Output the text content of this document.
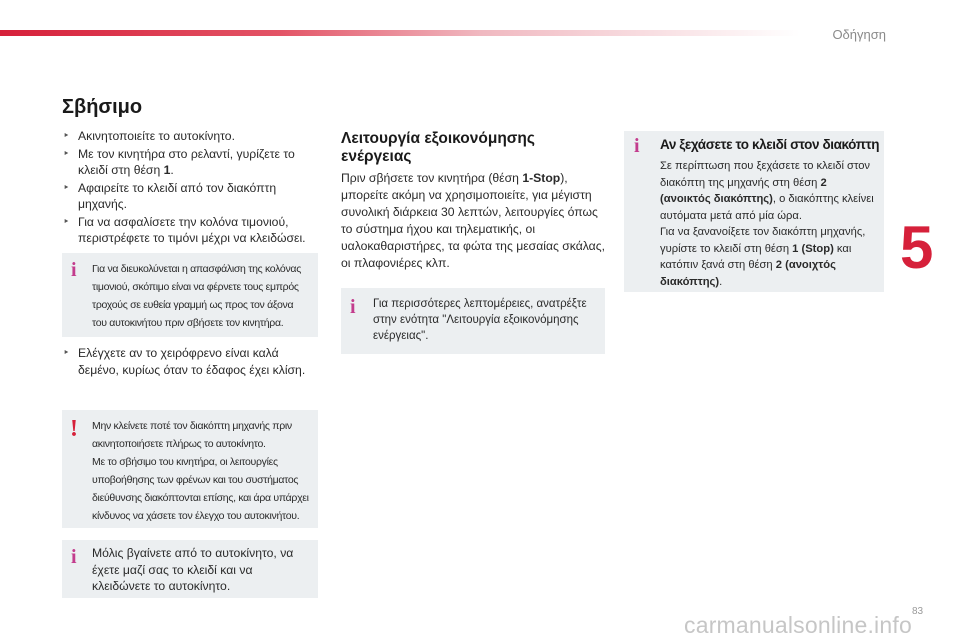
Οδήγηση
5
83
Σβήσιμο
‣ Ακινητοποιείτε το αυτοκίνητο.
‣ Με τον κινητήρα στο ρελαντί, γυρίζετε το κλειδί στη θέση 1.
‣ Αφαιρείτε το κλειδί από τον διακόπτη μηχανής.
‣ Για να ασφαλίσετε την κολόνα τιμονιού, περιστρέφετε το τιμόνι μέχρι να κλειδώσει.
i Για να διευκολύνεται η απασφάλιση της κολόνας τιμονιού, σκόπιμο είναι να φέρνετε τους εμπρός τροχούς σε ευθεία γραμμή ως προς τον άξονα του αυτοκινήτου πριν σβήσετε τον κινητήρα.
‣ Ελέγχετε αν το χειρόφρενο είναι καλά δεμένο, κυρίως όταν το έδαφος έχει κλίση.
! Μην κλείνετε ποτέ τον διακόπτη μηχανής πριν ακινητοποιήσετε πλήρως το αυτοκίνητο.
Με το σβήσιμο του κινητήρα, οι λειτουργίες υποβοήθησης των φρένων και του συστήματος διεύθυνσης διακόπτονται επίσης, και άρα υπάρχει κίνδυνος να χάσετε τον έλεγχο του αυτοκινήτου.
i Μόλις βγαίνετε από το αυτοκίνητο, να έχετε μαζί σας το κλειδί και να κλειδώνετε το αυτοκίνητο.
Λειτουργία εξοικονόμησης ενέργειας

Πριν σβήσετε τον κινητήρα (θέση 1-Stop), μπορείτε ακόμη να χρησιμοποιείτε, για μέγιστη συνολική διάρκεια 30 λεπτών, λειτουργίες όπως το σύστημα ήχου και τηλεματικής, οι υαλοκαθαριστήρες, τα φώτα της μεσαίας σκάλας, οι πλαφονιέρες κλπ.

i Για περισσότερες λεπτομέρειες, ανατρέξτε στην ενότητα "Λειτουργία εξοικονόμησης ενέργειας".
i Αν ξεχάσετε το κλειδί στον διακόπτη

Σε περίπτωση που ξεχάσετε το κλειδί στον διακόπτη της μηχανής στη θέση 2 (ανοικτός διακόπτης), ο διακόπτης κλείνει αυτόματα μετά από μία ώρα.

Για να ξανανοίξετε τον διακόπτη μηχανής, γυρίστε το κλειδί στη θέση 1 (Stop) και κατόπιν ξανά στη θέση 2 (ανοιχτός διακόπτης).

carmanualsonline.info
